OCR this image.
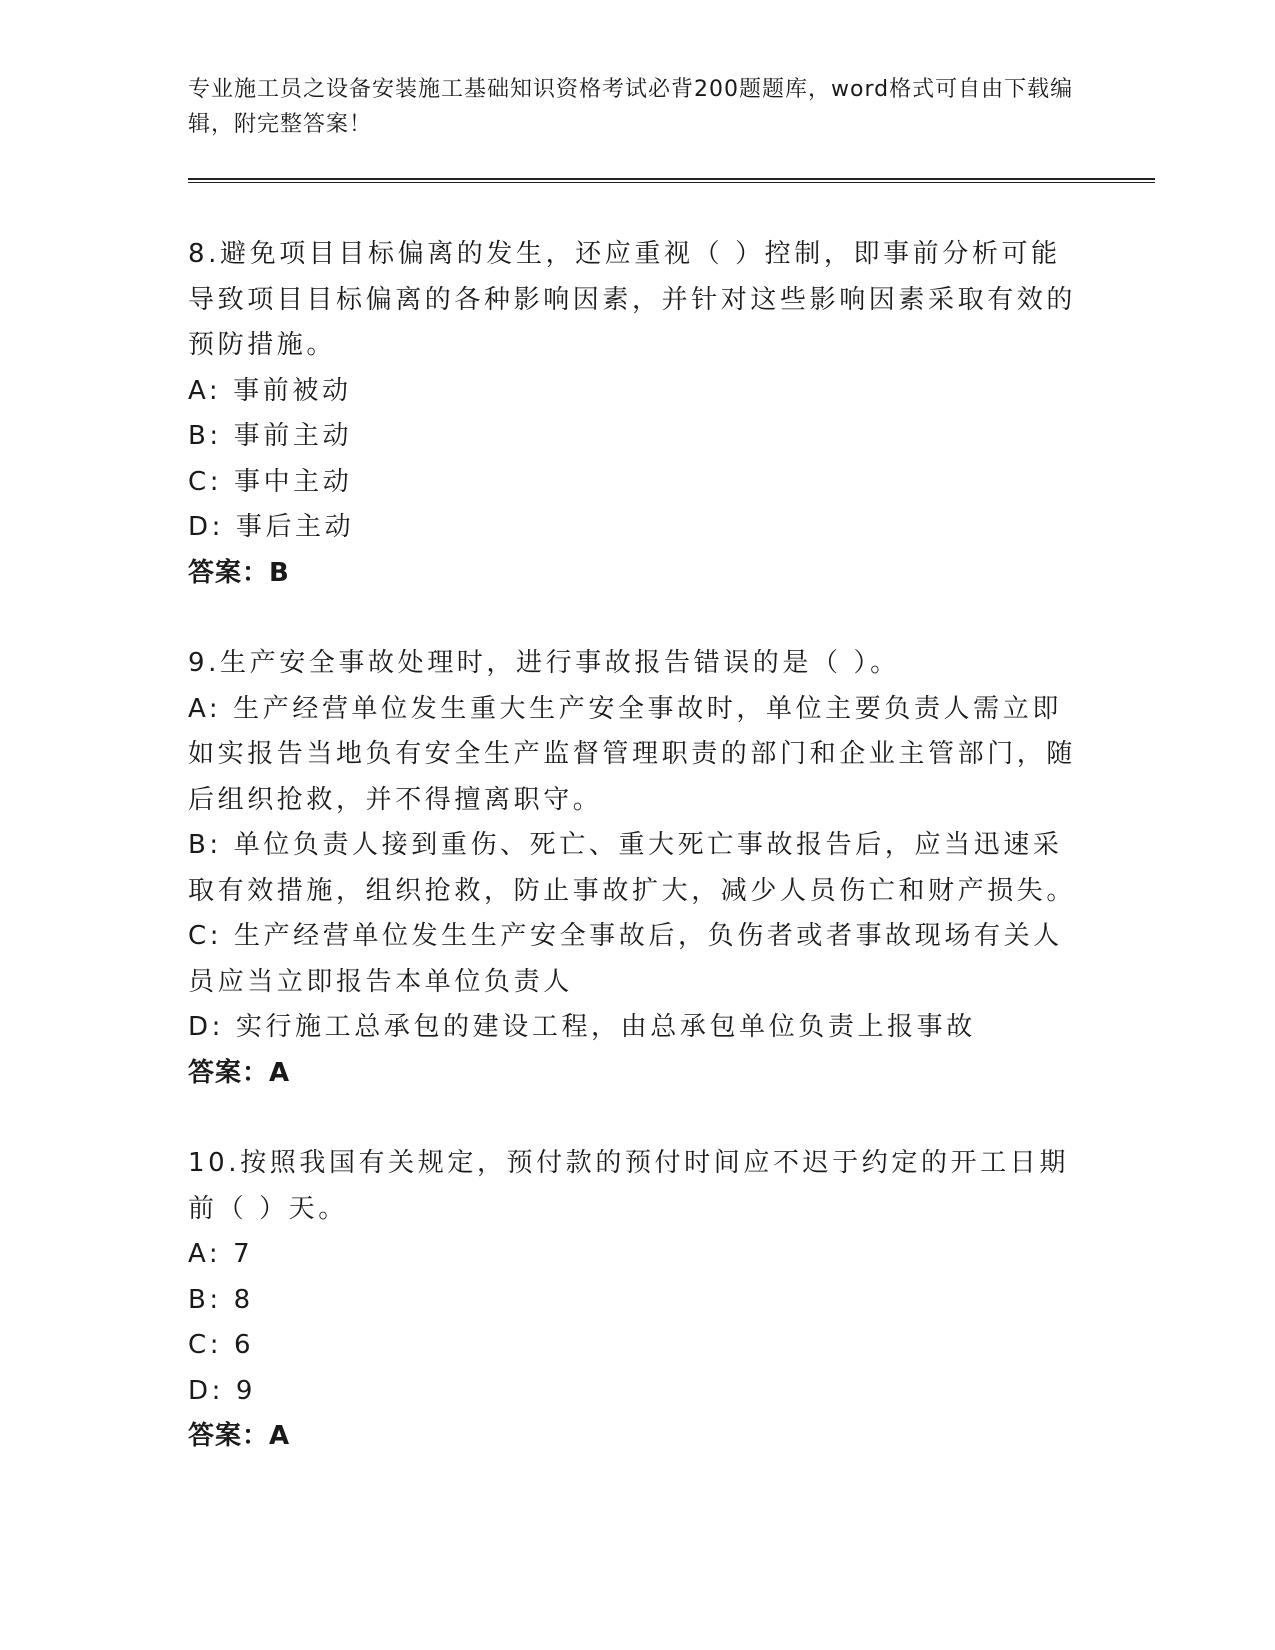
专业施工员之设备安装施工基础知识资格考试必背200题题库，word格式可自由下载编辑，附完整答案！

8.避免项目目标偏离的发生，还应重视（ ）控制，即事前分析可能导致项目目标偏离的各种影响因素，并针对这些影响因素采取有效的预防措施。

A: 事前被动

B: 事前主动

C: 事中主动

D: 事后主动

答案：B

9.生产安全事故处理时，进行事故报告错误的是（ ）。

A: 生产经营单位发生重大生产安全事故时，单位主要负责人需立即如实报告当地负有安全生产监督管理职责的部门和企业主管部门，随后组织抢救，并不得擅离职守。

B: 单位负责人接到重伤、死亡、重大死亡事故报告后，应当迅速采取有效措施，组织抢救，防止事故扩大，减少人员伤亡和财产损失。

C: 生产经营单位发生生产安全事故后，负伤者或者事故现场有关人员应当立即报告本单位负责人

D: 实行施工总承包的建设工程，由总承包单位负责上报事故

答案：A

10.按照我国有关规定，预付款的预付时间应不迟于约定的开工日期前（ ）天。

A: 7

B: 8

C: 6

D: 9

答案：A
